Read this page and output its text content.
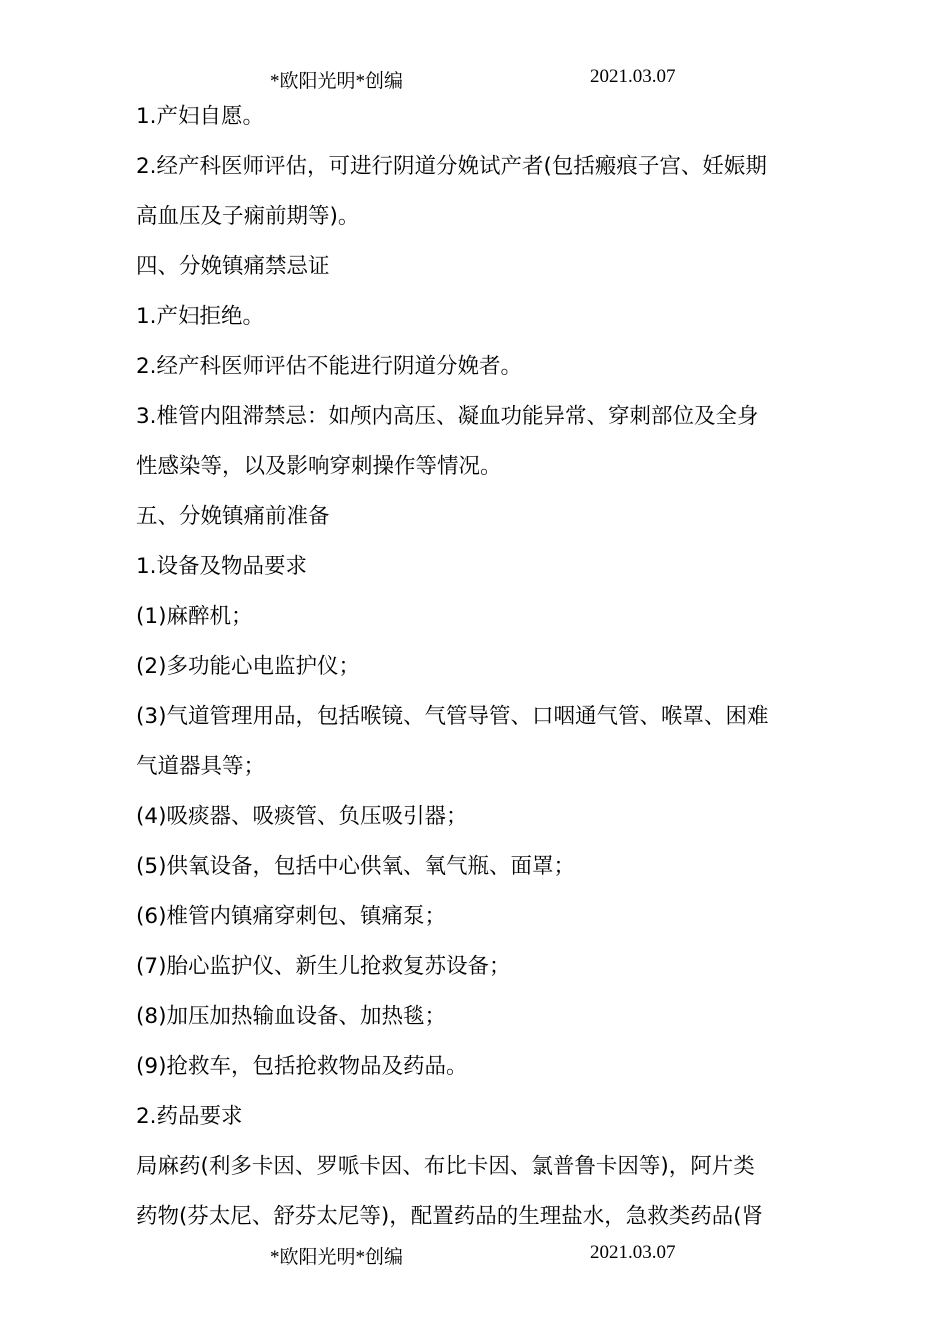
*欧阳光明*创编	2021.03.07
1.产妇自愿。
2.经产科医师评估，可进行阴道分娩试产者(包括瘢痕子宫、妊娠期
高血压及子痫前期等)。
四、分娩镇痛禁忌证
1.产妇拒绝。
2.经产科医师评估不能进行阴道分娩者。
3.椎管内阻滞禁忌：如颅内高压、凝血功能异常、穿刺部位及全身
性感染等，以及影响穿刺操作等情况。
五、分娩镇痛前准备
1.设备及物品要求
(1)麻醉机；
(2)多功能心电监护仪；
(3)气道管理用品，包括喉镜、气管导管、口咽通气管、喉罩、困难
气道器具等；
(4)吸痰器、吸痰管、负压吸引器；
(5)供氧设备，包括中心供氧、氧气瓶、面罩；
(6)椎管内镇痛穿刺包、镇痛泵；
(7)胎心监护仪、新生儿抢救复苏设备；
(8)加压加热输血设备、加热毯；
(9)抢救车，包括抢救物品及药品。
2.药品要求
局麻药(利多卡因、罗哌卡因、布比卡因、氯普鲁卡因等)，阿片类
药物(芬太尼、舒芬太尼等)，配置药品的生理盐水，急救类药品(肾
*欧阳光明*创编	2021.03.07
